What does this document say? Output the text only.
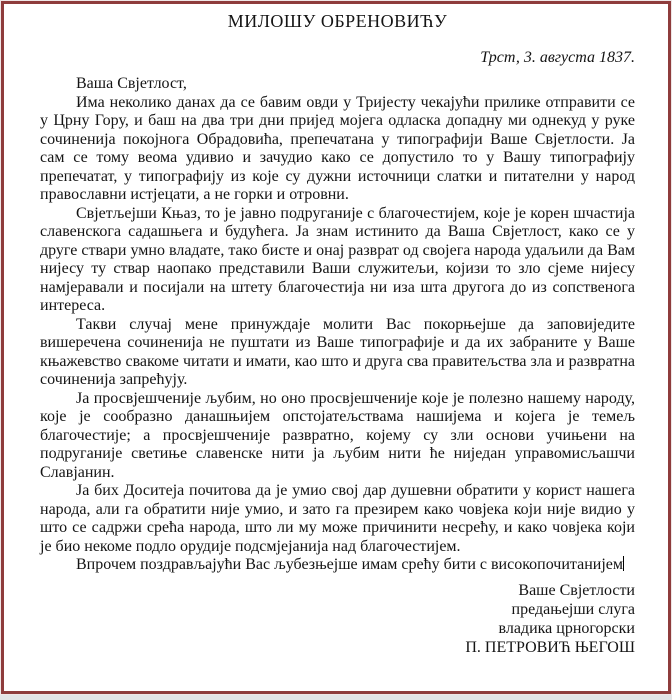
МИЛОШУ ОБРЕНОВИЋУ
Трст, 3. августа 1837.

Ваша Свјетлост,

Има неколико данах да се бавим овди у Тријесту чекајући прилике отправити се у Црну Гору, и баш на два три дни пријед мојега одласка допадну ми однекуд у руке сочиненија покојнога Обрадовића, препечатана у типографији Ваше Свјетлости. Ја сам се тому веома удивио и зачудио како се допустило то у Вашу типографију препечатат, у типографију из које су дужни источници слатки и питателни у народ православни истјецати, а не горки и отровни.

Свјетљејши Књаз, то је јавно подруганије с благочестијем, које је корен шчастија славенскога садашњега и будућега. Ја знам истинито да Ваша Свјетлост, како се у друге ствари умно владате, тако бисте и онај разврат од својега народа удаљили да Вам нијесу ту ствар наопако представили Ваши служитељи, којизи то зло сјеме нијесу намјеравали и посијали на штету благочестија ни иза шта другога до из сопственога интереса.

Такви случај мене принуждаје молити Вас покорњејше да заповиједите вишеречена сочиненија не пуштати из Ваше типографије и да их забраните у Ваше књажевство свакоме читати и имати, као што и друга сва правитељства зла и развратна сочиненија запрећују.

Ја просвјешченије љубим, но оно просвјешченије које је полезно нашему народу, које је сообразно данашњијем опстојатељствама нашијема и којега је темељ благочестије; а просвјешченије развратно, којему су зли основи учињени на подруганије светиње славенске нити ја љубим нити ће ниједан управомисљашчи Славјанин.

Ја бих Доситеја почитова да је умио свој дар душевни обратити у корист нашега народа, али га обратити није умио, и зато га презирем како човјека који није видио у што се садржи срећа народа, што ли му може причинити несрећу, и како човјека који је био некоме подло орудије подсмјејанија над благочестијем.

Впрочем поздрављајући Вас љубезњејше имам срећу бити с високопочитанијем

Ваше Свјетлости
предањејши слуга
владика црногорски
П. ПЕТРОВИЋ ЊЕГОШ
